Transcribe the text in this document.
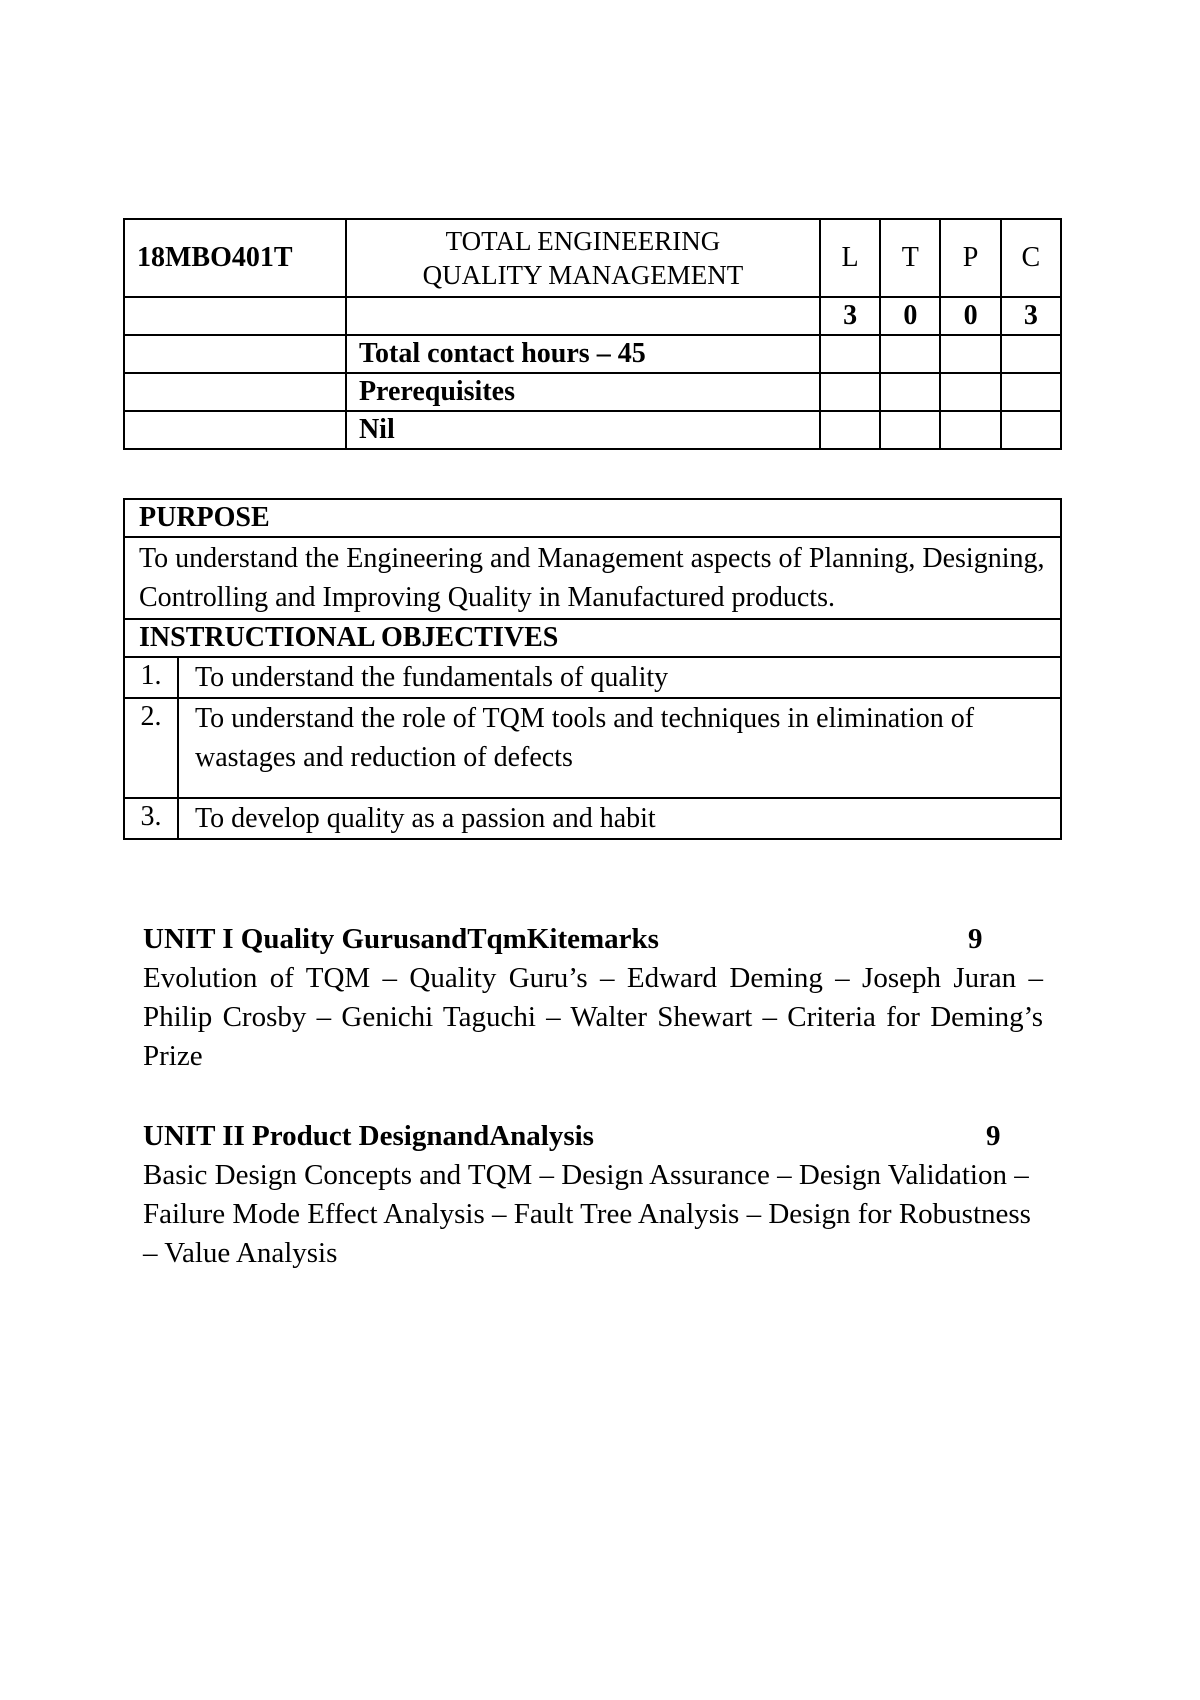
18MBO401T	TOTAL ENGINEERING
QUALITY MANAGEMENT	L	T	P	C
		3	0	0	3
	Total contact hours – 45				
	Prerequisites				
	Nil				
PURPOSE	
To understand the Engineering and Management aspects of Planning, Designing, Controlling and Improving Quality in Manufactured products.	
INSTRUCTIONAL OBJECTIVES	
1.	To understand the fundamentals of quality
2.	To understand the role of TQM tools and techniques in elimination of wastages and reduction of defects
3.	To develop quality as a passion and habit
UNIT I Quality GurusandTqmKitemarks	9
Evolution of TQM – Quality Guru’s – Edward Deming – Joseph Juran – Philip Crosby – Genichi Taguchi – Walter Shewart – Criteria for Deming’s Prize
UNIT II Product DesignandAnalysis	9
Basic Design Concepts and TQM – Design Assurance – Design Validation – Failure Mode Effect Analysis – Fault Tree Analysis – Design for Robustness – Value Analysis
